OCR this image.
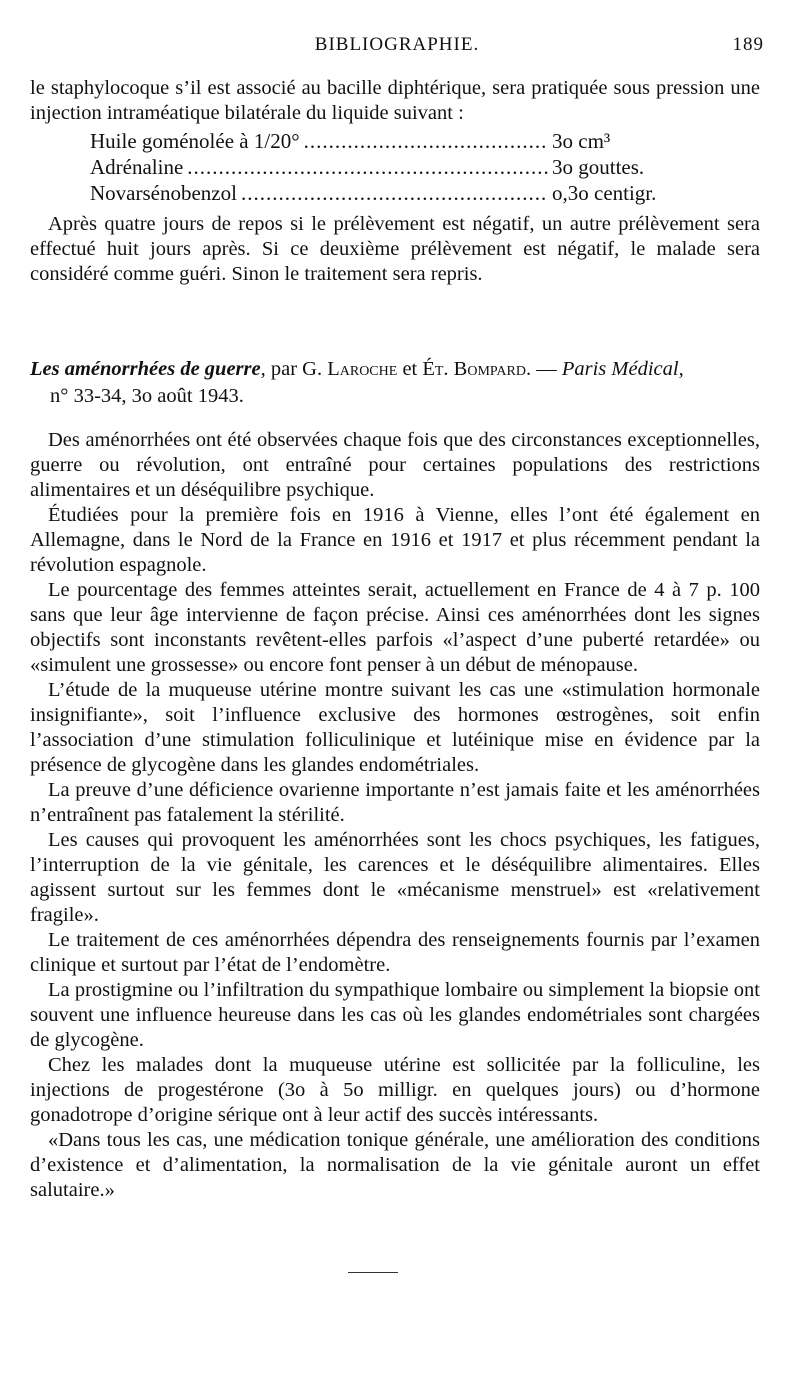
BIBLIOGRAPHIE.	189

le staphylocoque s’il est associé au bacille diphtérique, sera pratiquée sous pression une injection intraméatique bilatérale du liquide suivant :

Huile goménolée à 1/20° .....	3o cm³
Adrénaline .....	3o gouttes.
Novarsénobenzol .....	o,3o centigr.

Après quatre jours de repos si le prélèvement est négatif, un autre prélèvement sera effectué huit jours après. Si ce deuxième prélèvement est négatif, le malade sera considéré comme guéri. Sinon le traitement sera repris.

Les aménorrhées de guerre, par G. Laroche et Ét. Bompard. — Paris Médical,
n° 33-34, 3o août 1943.

Des aménorrhées ont été observées chaque fois que des circonstances exceptionnelles, guerre ou révolution, ont entraîné pour certaines populations des restrictions alimentaires et un déséquilibre psychique.

Étudiées pour la première fois en 1916 à Vienne, elles l’ont été également en Allemagne, dans le Nord de la France en 1916 et 1917 et plus récemment pendant la révolution espagnole.

Le pourcentage des femmes atteintes serait, actuellement en France de 4 à 7 p. 100 sans que leur âge intervienne de façon précise. Ainsi ces aménorrhées dont les signes objectifs sont inconstants revêtent-elles parfois «l’aspect d’une puberté retardée» ou «simulent une grossesse» ou encore font penser à un début de ménopause.

L’étude de la muqueuse utérine montre suivant les cas une «stimulation hormonale insignifiante», soit l’influence exclusive des hormones œstrogènes, soit enfin l’association d’une stimulation folliculinique et lutéinique mise en évidence par la présence de glycogène dans les glandes endométriales.

La preuve d’une déficience ovarienne importante n’est jamais faite et les aménorrhées n’entraînent pas fatalement la stérilité.

Les causes qui provoquent les aménorrhées sont les chocs psychiques, les fatigues, l’interruption de la vie génitale, les carences et le déséquilibre alimentaires. Elles agissent surtout sur les femmes dont le «mécanisme menstruel» est «relativement fragile».

Le traitement de ces aménorrhées dépendra des renseignements fournis par l’examen clinique et surtout par l’état de l’endomètre.

La prostigmine ou l’infiltration du sympathique lombaire ou simplement la biopsie ont souvent une influence heureuse dans les cas où les glandes endométriales sont chargées de glycogène.

Chez les malades dont la muqueuse utérine est sollicitée par la folliculine, les injections de progestérone (3o à 5o milligr. en quelques jours) ou d’hormone gonadotrope d’origine sérique ont à leur actif des succès intéressants.

«Dans tous les cas, une médication tonique générale, une amélioration des conditions d’existence et d’alimentation, la normalisation de la vie génitale auront un effet salutaire.»
